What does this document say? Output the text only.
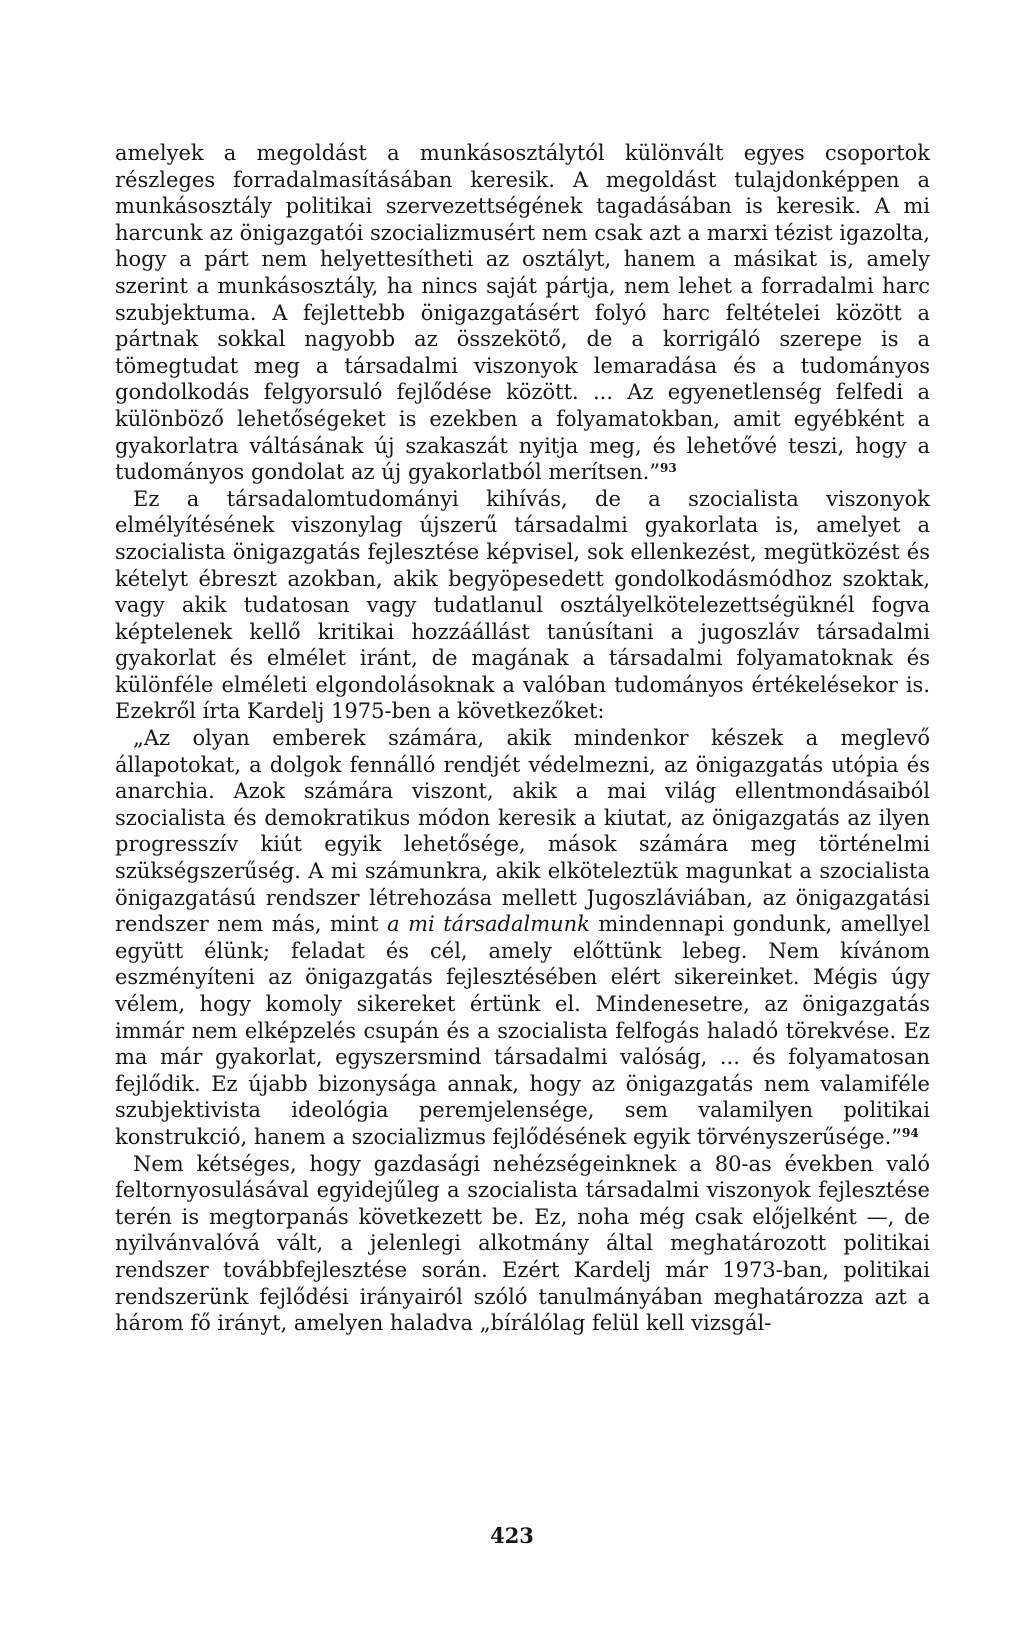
amelyek a megoldást a munkásosztálytól különvált egyes csoportok részleges forradalmasításában keresik. A megoldást tulajdonképpen a munkásosztály politikai szervezettségének tagadásában is keresik. A mi harcunk az önigazgatói szocializmusért nem csak azt a marxi tézist igazolta, hogy a párt nem helyettesítheti az osztályt, hanem a másikat is, amely szerint a munkásosztály, ha nincs saját pártja, nem lehet a forradalmi harc szubjektuma. A fejlettebb önigazgatásért folyó harc feltételei között a pártnak sokkal nagyobb az összekötő, de a korrigáló szerepe is a tömegtudat meg a társadalmi viszonyok lemaradása és a tudományos gondolkodás felgyorsuló fejlődése között. ... Az egyenetlenség felfedi a különböző lehetőségeket is ezekben a folyamatokban, amit egyébként a gyakorlatra váltásának új szakaszát nyitja meg, és lehetővé teszi, hogy a tudományos gondolat az új gyakorlatból merítsen.”$^{93}$

Ez a társadalomtudományi kihívás, de a szocialista viszonyok elmélyítésének viszonylag újszerű társadalmi gyakorlata is, amelyet a szocialista önigazgatás fejlesztése képvisel, sok ellenkezést, megütközést és kételyt ébreszt azokban, akik begyöpesedett gondolkodásmódhoz szoktak, vagy akik tudatosan vagy tudatlanul osztályelkötelezettségüknél fogva képtelenek kellő kritikai hozzáállást tanúsítani a jugoszláv társadalmi gyakorlat és elmélet iránt, de magának a társadalmi folyamatoknak és különféle elméleti elgondolásoknak a valóban tudományos értékelésekor is. Ezekről írta Kardelj 1975-ben a következőket:

„Az olyan emberek számára, akik mindenkor készek a meglevő állapotokat, a dolgok fennálló rendjét védelmezni, az önigazgatás utópia és anarchia. Azok számára viszont, akik a mai világ ellentmondásaiból szocialista és demokratikus módon keresik a kiutat, az önigazgatás az ilyen progresszív kiút egyik lehetősége, mások számára meg történelmi szükségszerűség. A mi számunkra, akik elköteleztük magunkat a szocialista önigazgatású rendszer létrehozása mellett Jugoszláviában, az önigazgatási rendszer nem más, mint a mi társadalmunk mindennapi gondunk, amellyel együtt élünk; feladat és cél, amely előttünk lebeg. Nem kívánom eszményíteni az önigazgatás fejlesztésében elért sikereinket. Mégis úgy vélem, hogy komoly sikereket értünk el. Mindenesetre, az önigazgatás immár nem elképzelés csupán és a szocialista felfogás haladó törekvése. Ez ma már gyakorlat, egyszersmind társadalmi valóság, ... és folyamatosan fejlődik. Ez újabb bizonysága annak, hogy az önigazgatás nem valamiféle szubjektivista ideológia peremjelensége, sem valamilyen politikai konstrukció, hanem a szocializmus fejlődésének egyik törvényszerűsége.”$^{94}$

Nem kétséges, hogy gazdasági nehézségeinknek a 80-as években való feltornyosulásával egyidejűleg a szocialista társadalmi viszonyok fejlesztése terén is megtorpanás következett be. Ez, noha még csak előjelként —, de nyilvánvalóvá vált, a jelenlegi alkotmány által meghatározott politikai rendszer továbbfejlesztése során. Ezért Kardelj már 1973-ban, politikai rendszerünk fejlődési irányairól szóló tanulmányában meghatározza azt a három fő irányt, amelyen haladva „bírálólag felül kell vizsgál-

423
